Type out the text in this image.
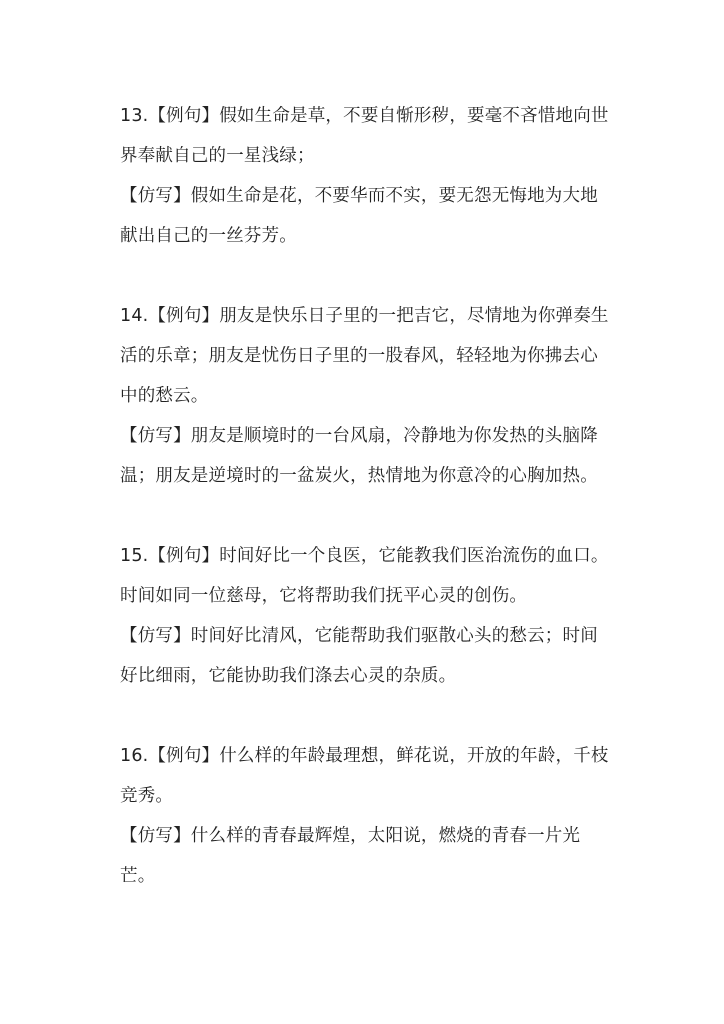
13.【例句】假如生命是草，不要自惭形秽，要毫不吝惜地向世界奉献自己的一星浅绿；

【仿写】假如生命是花，不要华而不实，要无怨无悔地为大地献出自己的一丝芬芳。

14.【例句】朋友是快乐日子里的一把吉它，尽情地为你弹奏生活的乐章；朋友是忧伤日子里的一股春风，轻轻地为你拂去心中的愁云。

【仿写】朋友是顺境时的一台风扇，冷静地为你发热的头脑降温；朋友是逆境时的一盆炭火，热情地为你意冷的心胸加热。

15.【例句】时间好比一个良医，它能教我们医治流伤的血口。时间如同一位慈母，它将帮助我们抚平心灵的创伤。

【仿写】时间好比清风，它能帮助我们驱散心头的愁云；时间好比细雨，它能协助我们涤去心灵的杂质。

16.【例句】什么样的年龄最理想，鲜花说，开放的年龄，千枝竞秀。

【仿写】什么样的青春最辉煌，太阳说，燃烧的青春一片光芒。
